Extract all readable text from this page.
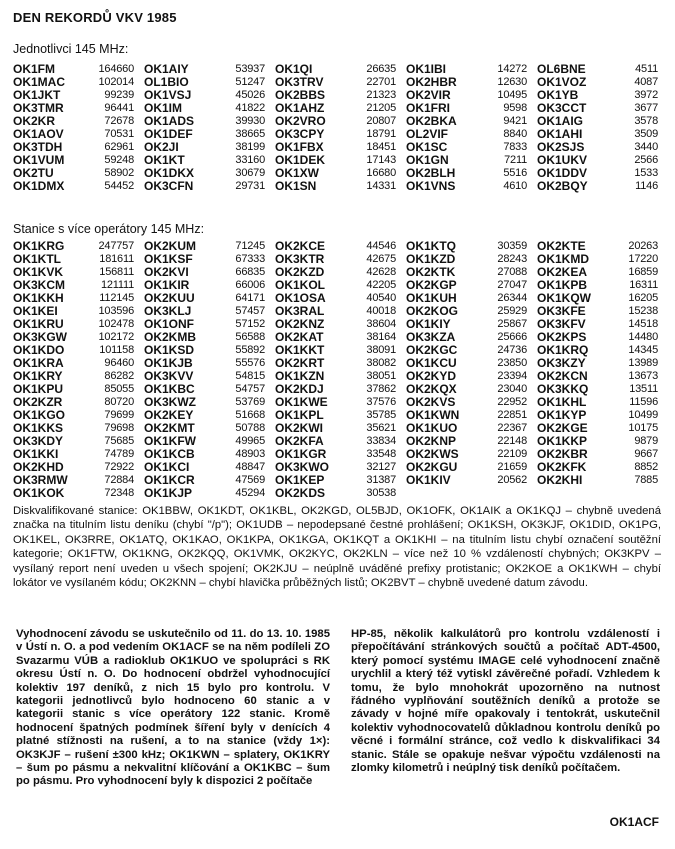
DEN REKORDŮ VKV 1985
Jednotlivci 145 MHz:
OK1FM	164660 OK1AIY	53937 OK1QI	26635 OK1IBI	14272 OL6BNE	4511
OK1MAC	102014 OL1BIO	51247 OK3TRV	22701 OK2HBR	12630 OK1VOZ	4087
OK1JKT	99239 OK1VSJ	45026 OK2BBS	21323 OK2VIR	10495 OK1YB	3972
OK3TMR	96441 OK1IM	41822 OK1AHZ	21205 OK1FRI	9598 OK3CCT	3677
OK2KR	72678 OK1ADS	39930 OK2VRO	20807 OK2BKA	9421 OK1AIG	3578
OK1AOV	70531 OK1DEF	38665 OK3CPY	18791 OL2VIF	8840 OK1AHI	3509
OK3TDH	62961 OK2JI	38199 OK1FBX	18451 OK1SC	7833 OK2SJS	3440
OK1VUM	59248 OK1KT	33160 OK1DEK	17143 OK1GN	7211 OK1UKV	2566
OK2TU	58902 OK1DKX	30679 OK1XW	16680 OK2BLH	5516 OK1DDV	1533
OK1DMX	54452 OK3CFN	29731 OK1SN	14331 OK1VNS	4610 OK2BQY	1146
Stanice s více operátory 145 MHz:
OK1KRG	247757 OK2KUM	71245 OK2KCE	44546 OK1KTQ	30359 OK2KTE	20263
OK1KTL	181611 OK1KSF	67333 OK3KTR	42675 OK1KZD	28243 OK1KMD	17220
OK1KVK	156811 OK2KVI	66835 OK2KZD	42628 OK2KTK	27088 OK2KEA	16859
OK3KCM	121111 OK1KIR	66006 OK1KOL	42205 OK2KGP	27047 OK1KPB	16311
OK1KKH	112145 OK2KUU	64171 OK1OSA	40540 OK1KUH	26344 OK1KQW	16205
OK1KEI	103596 OK3KLJ	57457 OK3RAL	40018 OK2KOG	25929 OK3KFE	15238
OK1KRU	102478 OK1ONF	57152 OK2KNZ	38604 OK1KIY	25867 OK3KFV	14518
OK3KGW	102172 OK2KMB	56588 OK2KAT	38164 OK3KZA	25666 OK2KPS	14480
OK1KDO	101158 OK1KSD	55892 OK1KKT	38091 OK2KGC	24736 OK1KRQ	14345
OK1KRA	96460 OK1KJB	55576 OK2KRT	38082 OK1KCU	23850 OK3KZY	13989
OK1KRY	86282 OK3KVV	54815 OK1KZN	38051 OK2KYD	23394 OK2KCN	13673
OK1KPU	85055 OK1KBC	54757 OK2KDJ	37862 OK2KQX	23040 OK3KKQ	13511
OK2KZR	80720 OK3KWZ	53769 OK1KWE	37576 OK2KVS	22952 OK1KHL	11596
OK1KGO	79699 OK2KEY	51668 OK1KPL	35785 OK1KWN	22851 OK1KYP	10499
OK1KKS	79698 OK2KMT	50788 OK2KWI	35621 OK1KUO	22367 OK2KGE	10175
OK3KDY	75685 OK1KFW	49965 OK2KFA	33834 OK2KNP	22148 OK1KKP	9879
OK1KKI	74789 OK1KCB	48903 OK1KGR	33548 OK2KWS	22109 OK2KBR	9667
OK2KHD	72922 OK1KCI	48847 OK3KWO	32127 OK2KGU	21659 OK2KFK	8852
OK3RMW	72884 OK1KCR	47569 OK1KEP	31387 OK1KIV	20562 OK2KHI	7885
OK1KOK	72348 OK1KJP	45294 OK2KDS	30538
Diskvalifikované stanice: OK1BBW, OK1KDT, OK1KBL, OK2KGD, OL5BJD, OK1OFK, OK1AIK a OK1KQJ – chybně uvedená značka na titulním listu deníku (chybí "/p"); OK1UDB – nepodepsané čestné prohlášení; OK1KSH, OK3KJF, OK1DID, OK1PG, OK1KEL, OK3RRE, OK1ATQ, OK1KAO, OK1KPA, OK1KGA, OK1KQT a OK1KHI – na titulním listu chybí označení soutěžní kategorie; OK1FTW, OK1KNG, OK2KQQ, OK1VMK, OK2KYC, OK2KLN – více než 10 % vzdáleností chybných; OK3KPV – vysílaný report není uveden u všech spojení; OK2KJU – neúplně uváděné prefixy protistanic; OK2KOE a OK1KWH – chybí lokátor ve vysílaném kódu; OK2KNN – chybí hlavička průběžných listů; OK2BVT – chybně uvedené datum závodu.
Vyhodnocení závodu se uskutečnilo od 11. do 13. 10. 1985 v Ústí n. O. a pod vedením OK1ACF se na něm podíleli ZO Svazarmu VÚB a radioklub OK1KUO ve spolupráci s RK okresu Ústí n. O. Do hodnocení obdržel vyhodnocující kolektiv 197 deníků, z nich 15 bylo pro kontrolu. V kategorii jednotlivců bylo hodnoceno 60 stanic a v kategorii stanic s více operátory 122 stanic. Kromě hodnocení špatných podmínek šíření byly v denících 4 platné stížnosti na rušení, a to na stanice (vždy 1×): OK3KJF – rušení ±300 kHz; OK1KWN – splatery, OK1KRY – šum po pásmu a nekvalitní klíčování a OK1KBC – šum po pásmu. Pro vyhodnocení byly k dispozici 2 počítače
HP-85, několik kalkulátorů pro kontrolu vzdáleností i přepočítávání stránkových součtů a počítač ADT-4500, který pomocí systému IMAGE celé vyhodnocení značně urychlil a který též vytiskl závěrečné pořadí. Vzhledem k tomu, že bylo mnohokrát upozorněno na nutnost řádného vyplňování soutěžních deníků a protože se závady v hojné míře opakovaly i tentokrát, uskutečnil kolektiv vyhodnocovatelů důkladnou kontrolu deníků po věcné i formální stránce, což vedlo k diskvalifikaci 34 stanic. Stále se opakuje nešvar výpočtu vzdálenosti na zlomky kilometrů i neúplný tisk deníků počítačem.
OK1ACF
